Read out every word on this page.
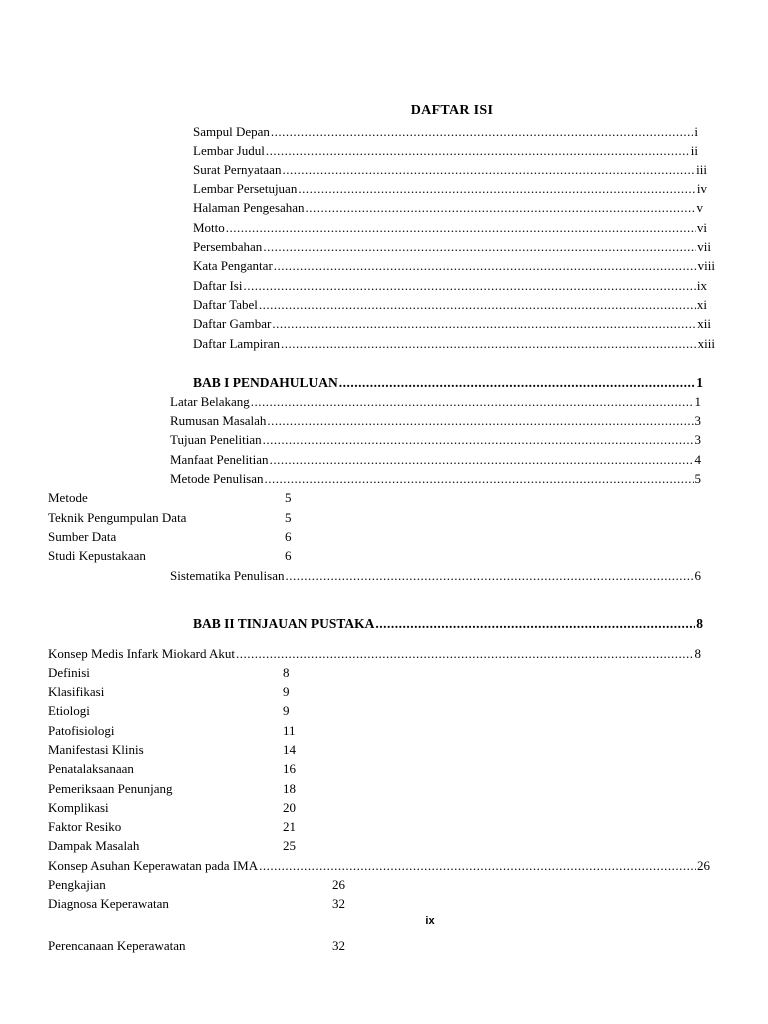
DAFTAR ISI
Sampul Depan .....	i
Lembar Judul .....	ii
Surat Pernyataan .....	iii
Lembar Persetujuan .....	iv
Halaman Pengesahan .....	v
Motto .....	vi
Persembahan .....	vii
Kata Pengantar .....	viii
Daftar Isi .....	ix
Daftar Tabel .....	xi
Daftar Gambar .....	xii
Daftar Lampiran .....	xiii
BAB I PENDAHULUAN .....	1
Latar Belakang .....	1
Rumusan Masalah .....	3
Tujuan Penelitian .....	3
Manfaat Penelitian .....	4
Metode Penulisan .....	5
Metode	5
Teknik Pengumpulan Data	5
Sumber Data	6
Studi Kepustakaan	6
Sistematika Penulisan .....	6
BAB II TINJAUAN PUSTAKA .....	8
Konsep Medis Infark Miokard Akut .....	8
Definisi	8
Klasifikasi	9
Etiologi	9
Patofisiologi	11
Manifestasi Klinis	14
Penatalaksanaan	16
Pemeriksaan Penunjang	18
Komplikasi	20
Faktor Resiko	21
Dampak Masalah	25
Konsep Asuhan Keperawatan pada IMA .....	26
Pengkajian	26
Diagnosa Keperawatan	32
ix
Perencanaan Keperawatan	32
